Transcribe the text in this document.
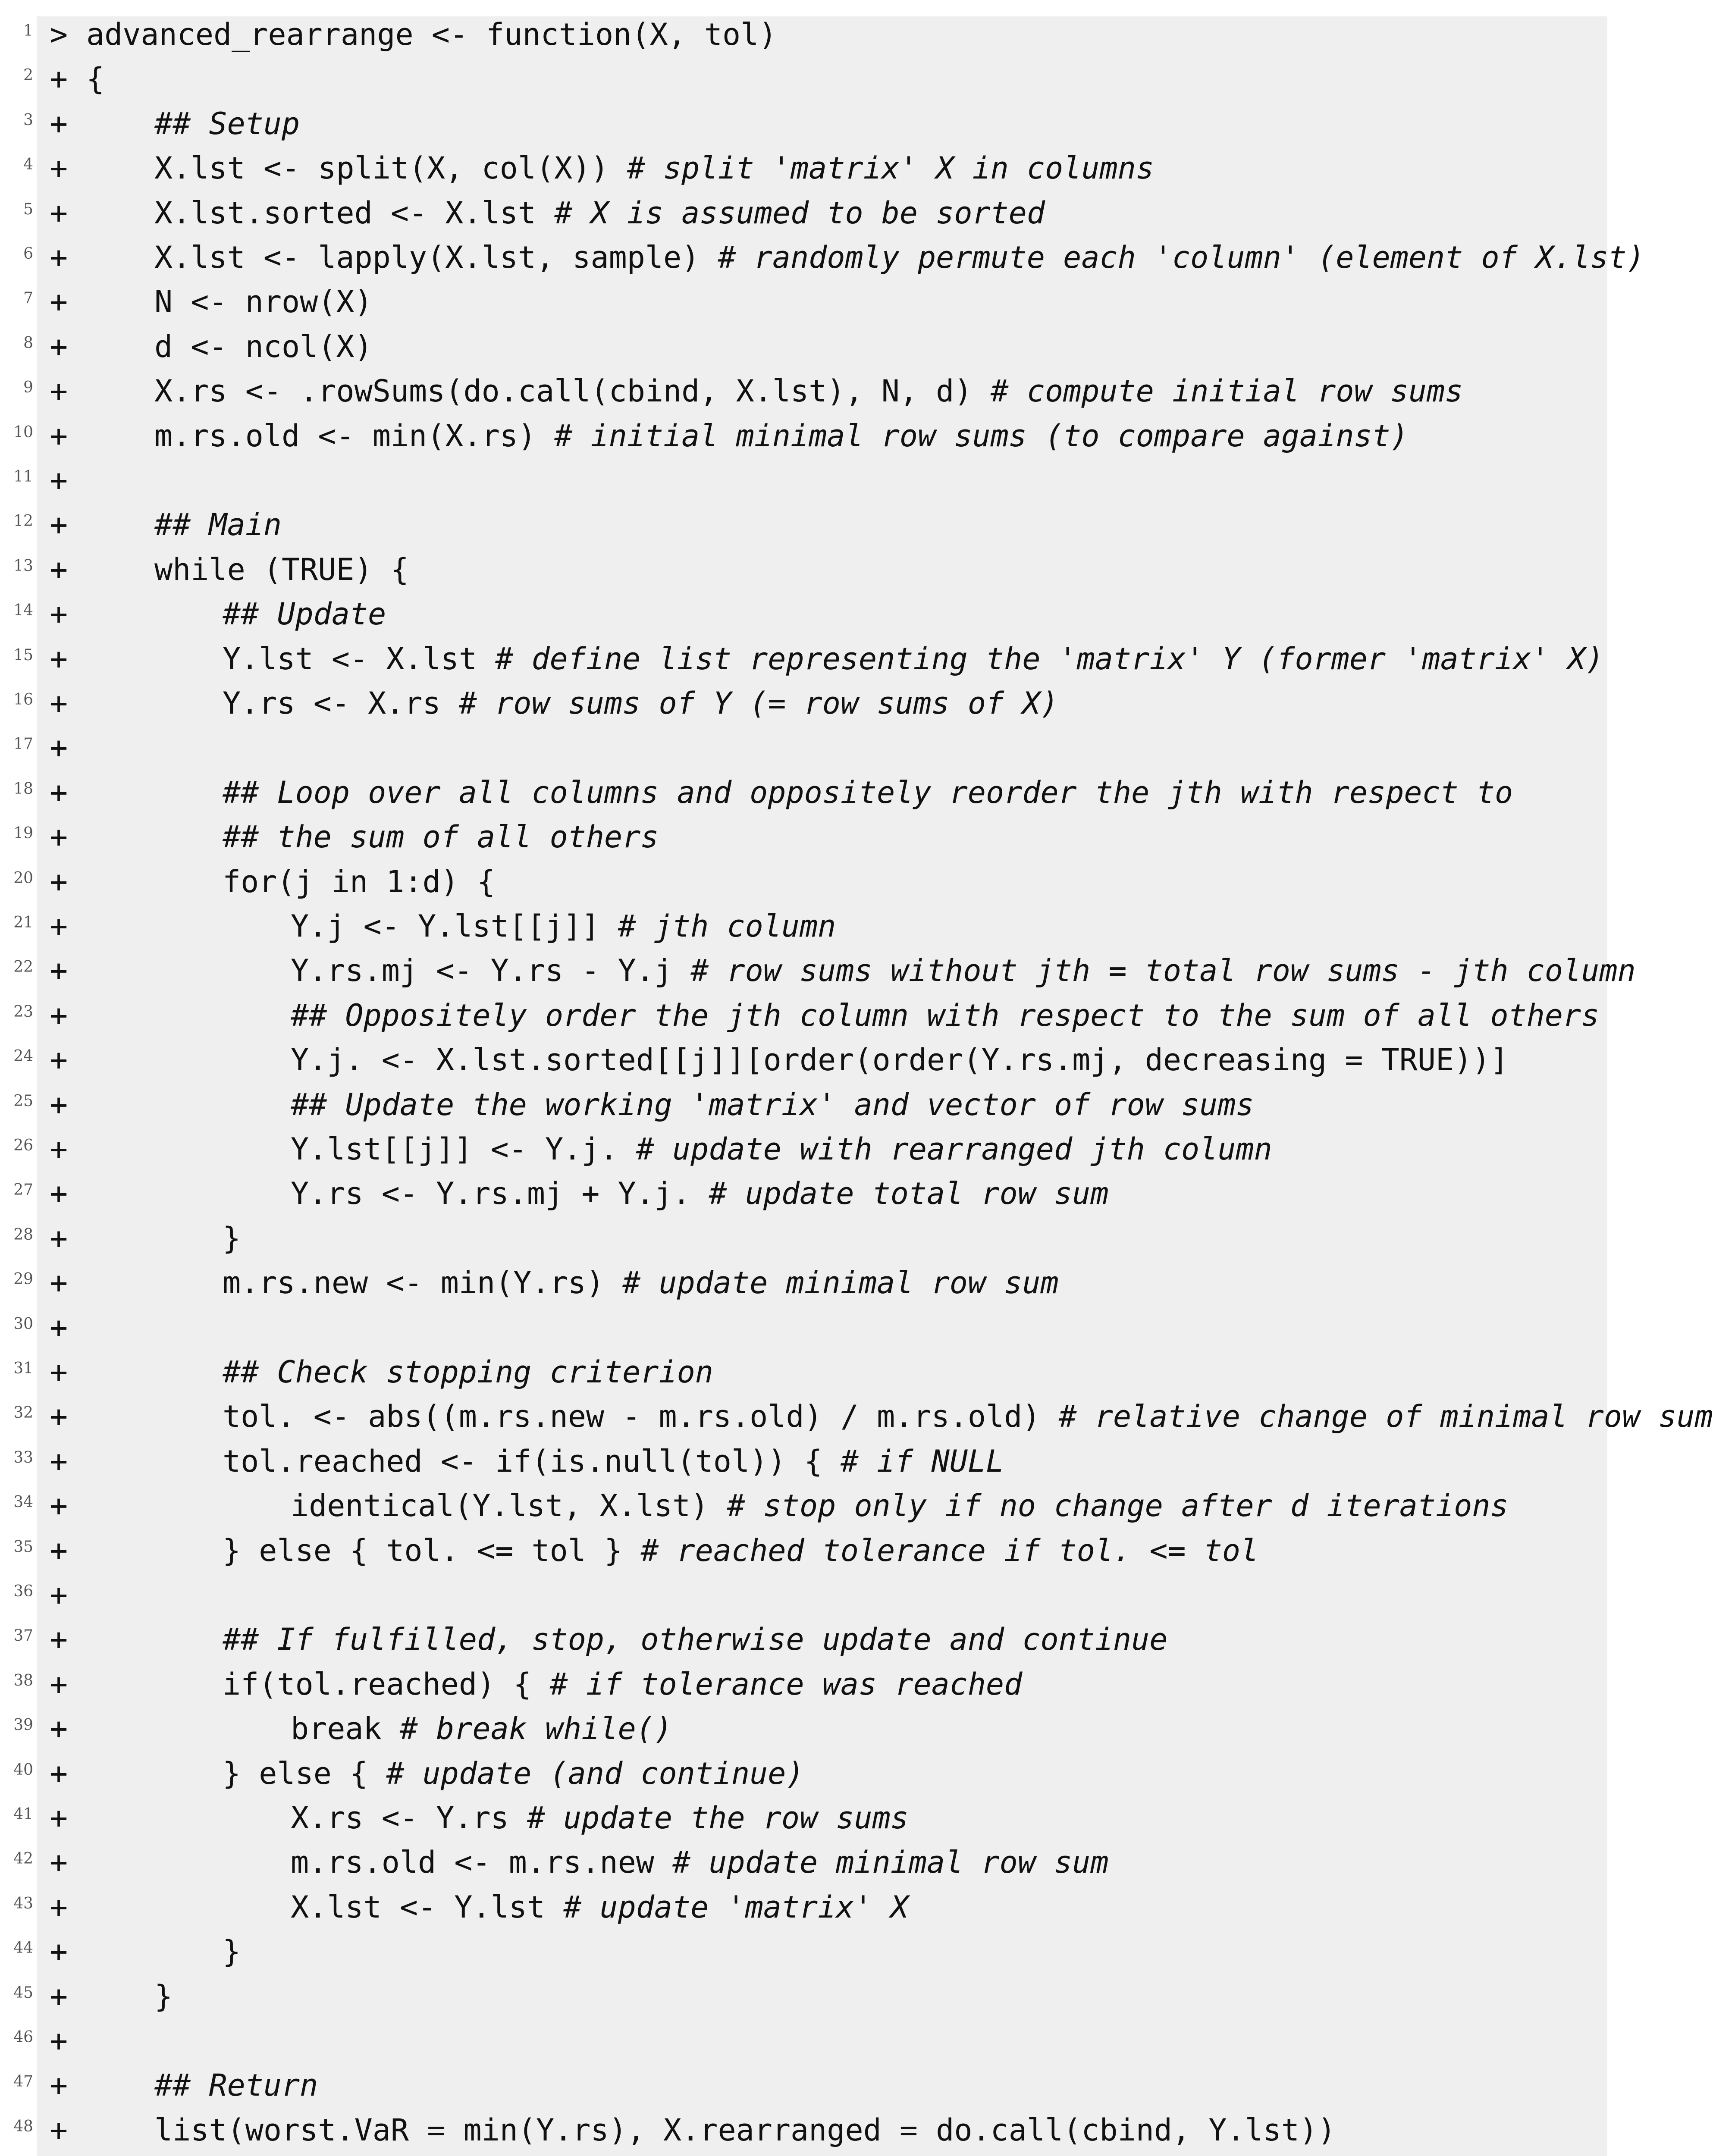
1 > advanced_rearrange <- function(X, tol)
2 + {
3 +	## Setup
4 +	X.lst <- split(X, col(X)) # split 'matrix' X in columns
5 +	X.lst.sorted <- X.lst # X is assumed to be sorted
6 +	X.lst <- lapply(X.lst, sample) # randomly permute each 'column' (element of X.lst)
7 +	N <- nrow(X)
8 +	d <- ncol(X)
9 +	X.rs <- .rowSums(do.call(cbind, X.lst), N, d) # compute initial row sums
10 +	m.rs.old <- min(X.rs) # initial minimal row sums (to compare against)
11 +
12 +	## Main
13 +	while (TRUE) {
14 +	## Update
15 +	Y.lst <- X.lst # define list representing the 'matrix' Y (former 'matrix' X)
16 +	Y.rs <- X.rs # row sums of Y (= row sums of X)
17 +
18 +	## Loop over all columns and oppositely reorder the jth with respect to
19 +	## the sum of all others
20 +	for(j in 1:d) {
21 +	Y.j <- Y.lst[[j]] # jth column
22 +	Y.rs.mj <- Y.rs - Y.j # row sums without jth = total row sums - jth column
23 +	## Oppositely order the jth column with respect to the sum of all others
24 +	Y.j. <- X.lst.sorted[[j]][order(order(Y.rs.mj, decreasing = TRUE))]
25 +	## Update the working 'matrix' and vector of row sums
26 +	Y.lst[[j]] <- Y.j. # update with rearranged jth column
27 +	Y.rs <- Y.rs.mj + Y.j. # update total row sum
28 +	}
29 +	m.rs.new <- min(Y.rs) # update minimal row sum
30 +
31 +	## Check stopping criterion
32 +	tol. <- abs((m.rs.new - m.rs.old) / m.rs.old) # relative change of minimal row sum
33 +	tol.reached <- if(is.null(tol)) { # if NULL
34 +	identical(Y.lst, X.lst) # stop only if no change after d iterations
35 +	} else { tol. <= tol } # reached tolerance if tol. <= tol
36 +
37 +	## If fulfilled, stop, otherwise update and continue
38 +	if(tol.reached) { # if tolerance was reached
39 +	break # break while()
40 +	} else { # update (and continue)
41 +	X.rs <- Y.rs # update the row sums
42 +	m.rs.old <- m.rs.new # update minimal row sum
43 +	X.lst <- Y.lst # update 'matrix' X
44 +	}
45 +	}
46 +
47 +	## Return
48 +	list(worst.VaR = min(Y.rs), X.rearranged = do.call(cbind, Y.lst))
